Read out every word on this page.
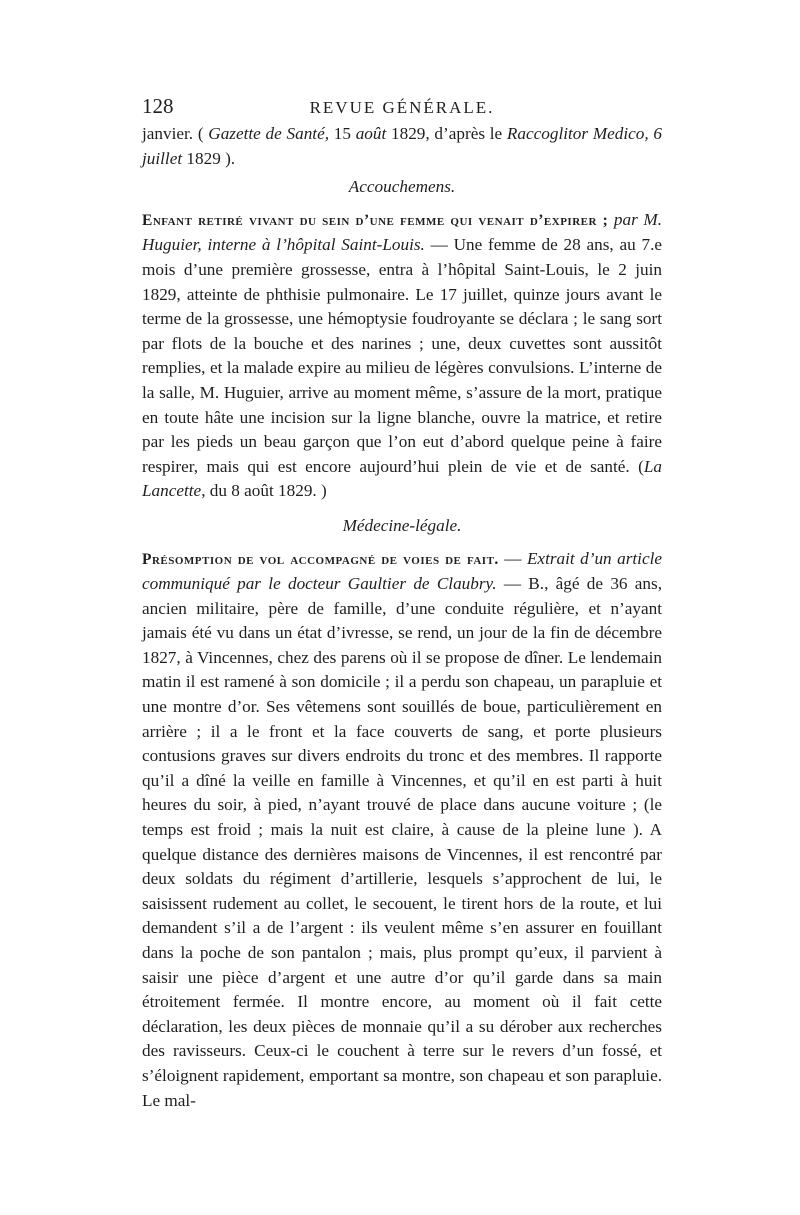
128	REVUE GÉNÉRALE.

janvier. ( Gazette de Santé, 15 août 1829, d’après le Raccoglitor Medico, 6 juillet 1829 ).

Accouchemens.

Enfant retiré vivant du sein d’une femme qui venait d’expirer ; par M. Huguier, interne à l’hôpital Saint-Louis. — Une femme de 28 ans, au 7.e mois d’une première grossesse, entra à l’hôpital Saint-Louis, le 2 juin 1829, atteinte de phthisie pulmonaire. Le 17 juillet, quinze jours avant le terme de la grossesse, une hémoptysie foudroyante se déclara ; le sang sort par flots de la bouche et des narines ; une, deux cuvettes sont aussitôt remplies, et la malade expire au milieu de légères convulsions. L’interne de la salle, M. Huguier, arrive au moment même, s’assure de la mort, pratique en toute hâte une incision sur la ligne blanche, ouvre la matrice, et retire par les pieds un beau garçon que l’on eut d’abord quelque peine à faire respirer, mais qui est encore aujourd’hui plein de vie et de santé. (La Lancette, du 8 août 1829. )

Médecine-légale.

Présomption de vol accompagné de voies de fait. — Extrait d’un article communiqué par le docteur Gaultier de Claubry. — B., âgé de 36 ans, ancien militaire, père de famille, d’une conduite régulière, et n’ayant jamais été vu dans un état d’ivresse, se rend, un jour de la fin de décembre 1827, à Vincennes, chez des parens où il se propose de dîner. Le lendemain matin il est ramené à son domicile ; il a perdu son chapeau, un parapluie et une montre d’or. Ses vêtemens sont souillés de boue, particulièrement en arrière ; il a le front et la face couverts de sang, et porte plusieurs contusions graves sur divers endroits du tronc et des membres. Il rapporte qu’il a dîné la veille en famille à Vincennes, et qu’il en est parti à huit heures du soir, à pied, n’ayant trouvé de place dans aucune voiture ; (le temps est froid ; mais la nuit est claire, à cause de la pleine lune ). A quelque distance des dernières maisons de Vincennes, il est rencontré par deux soldats du régiment d’artillerie, lesquels s’approchent de lui, le saisissent rudement au collet, le secouent, le tirent hors de la route, et lui demandent s’il a de l’argent : ils veulent même s’en assurer en fouillant dans la poche de son pantalon ; mais, plus prompt qu’eux, il parvient à saisir une pièce d’argent et une autre d’or qu’il garde dans sa main étroitement fermée. Il montre encore, au moment où il fait cette déclaration, les deux pièces de monnaie qu’il a su dérober aux recherches des ravisseurs. Ceux-ci le couchent à terre sur le revers d’un fossé, et s’éloignent rapidement, emportant sa montre, son chapeau et son parapluie. Le mal-
